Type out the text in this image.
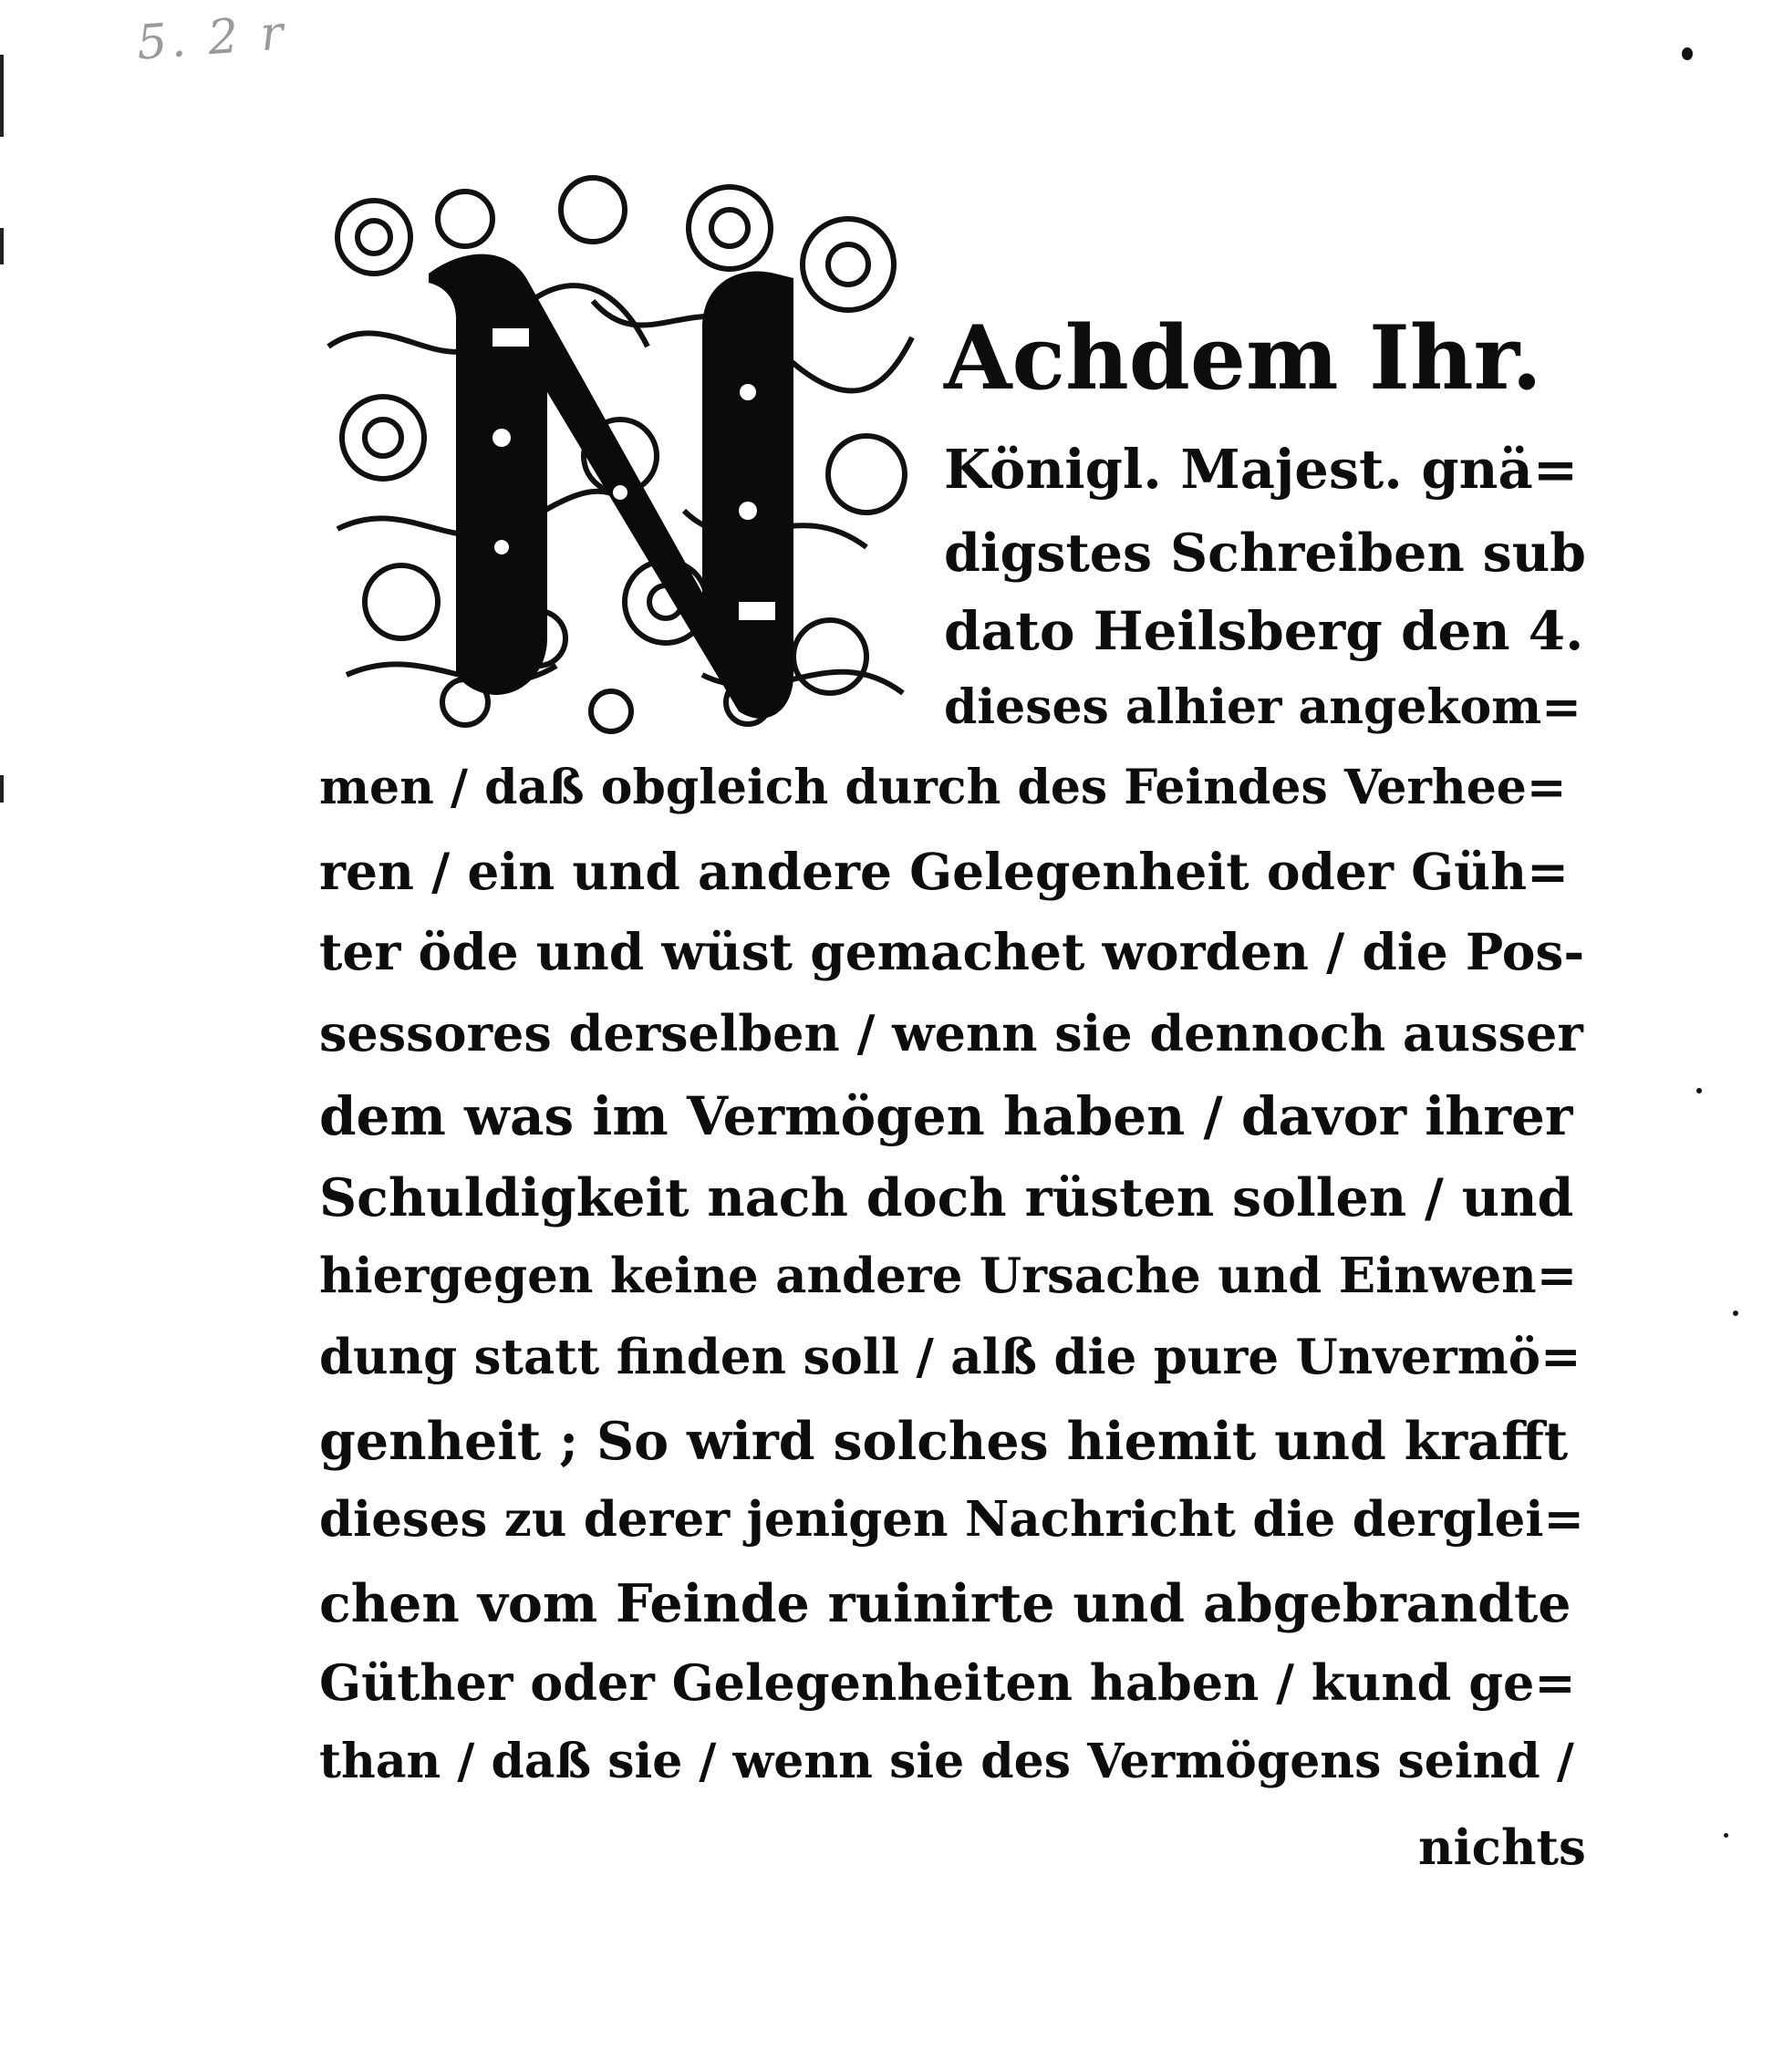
5. 2 r
Achdem Ihr.
Königl. Majest. gnä=
digstes Schreiben sub
dato Heilsberg den 4.
dieses alhier angekom=
men / daß obgleich durch des Feindes Verhee=
ren / ein und andere Gelegenheit oder Güh=
ter öde und wüst gemachet worden / die Pos-
sessores derselben / wenn sie dennoch ausser
dem was im Vermögen haben / davor ihrer
Schuldigkeit nach doch rüsten sollen / und
hiergegen keine andere Ursache und Einwen=
dung statt finden soll / alß die pure Unvermö=
genheit ; So wird solches hiemit und krafft
dieses zu derer jenigen Nachricht die derglei=
chen vom Feinde ruinirte und abgebrandte
Güther oder Gelegenheiten haben / kund ge=
than / daß sie / wenn sie des Vermögens seind /
nichts
